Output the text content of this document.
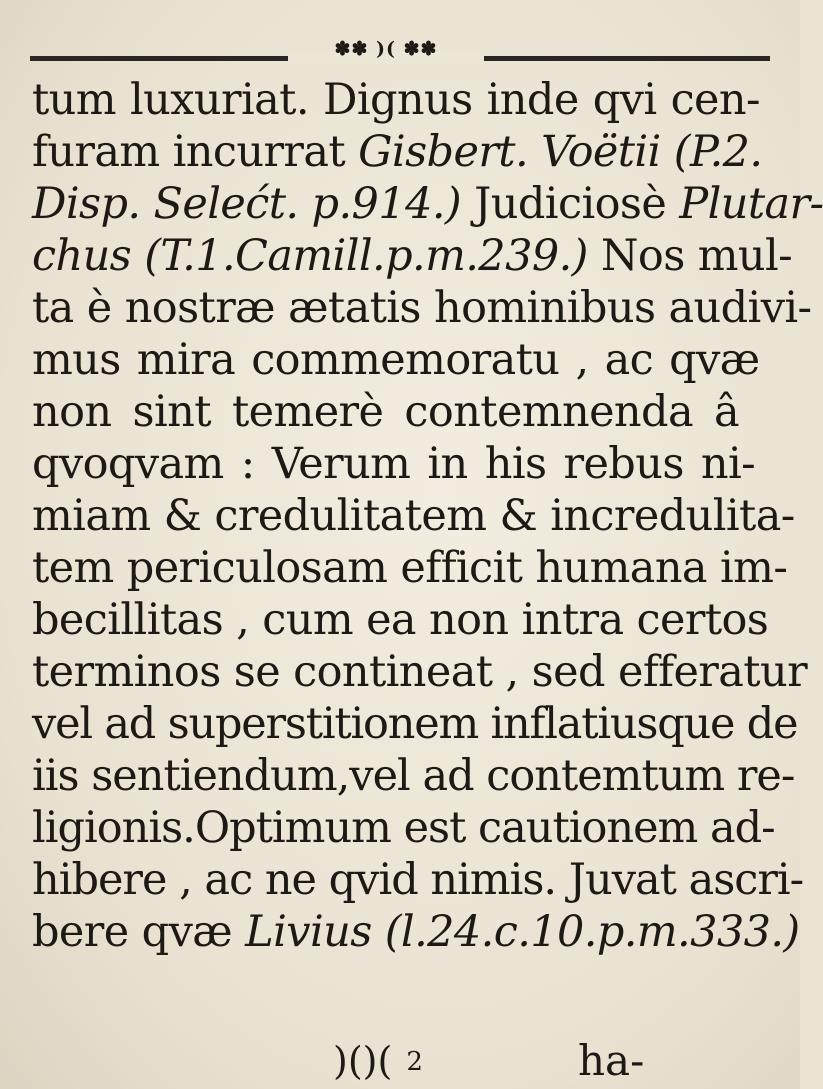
✽✽ )( ✽✽
tum luxuriat. Dignus inde qvi cen-
furam incurrat Gisbert. Voëtii (P.2.
Disp. Selećt. p.914.) Judiciosè Plutar-
chus (T.1.Camill.p.m.239.) Nos mul-
ta è nostræ ætatis hominibus audivi-
mus mira commemoratu , ac qvæ
non sint temerè contemnenda â
qvoqvam : Verum in his rebus ni-
miam & credulitatem & incredulita-
tem periculosam efficit humana im-
becillitas , cum ea non intra certos
terminos se contineat , sed efferatur
vel ad superstitionem inflatiusque de
iis sentiendum,vel ad contemtum re-
ligionis.Optimum est cautionem ad-
hibere , ac ne qvid nimis. Juvat ascri-
bere qvæ Livius (l.24.c.10.p.m.333.)
)()( 2	ha-
